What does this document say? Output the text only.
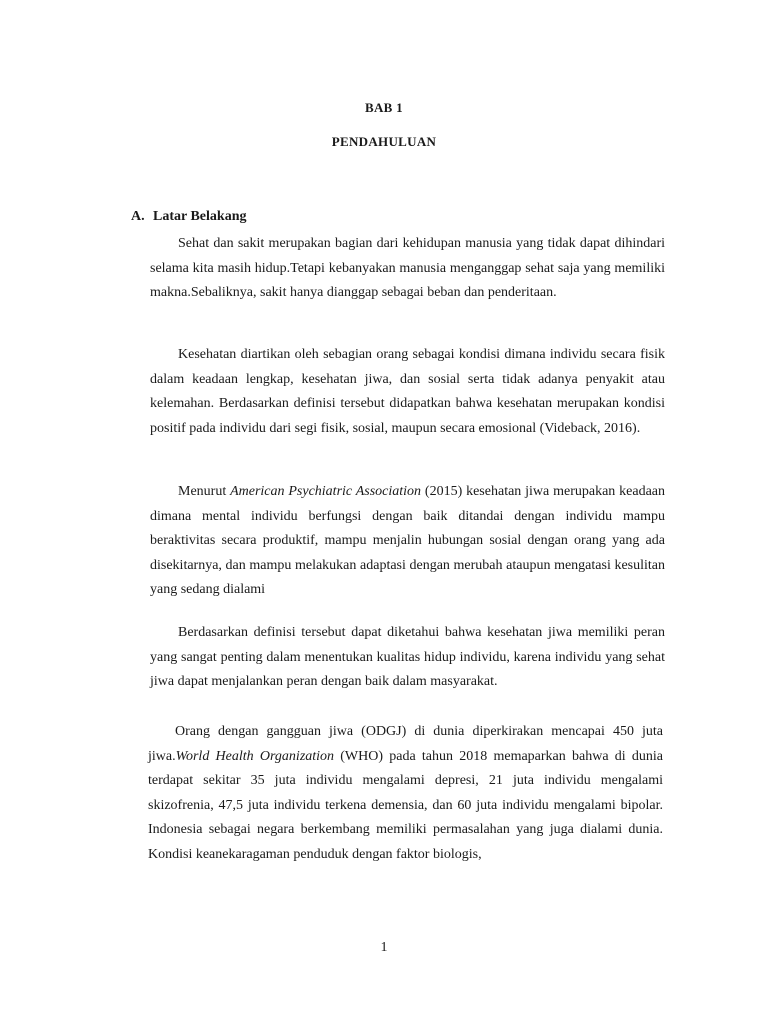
BAB 1
PENDAHULUAN
A. Latar Belakang

Sehat dan sakit merupakan bagian dari kehidupan manusia yang tidak dapat dihindari selama kita masih hidup.Tetapi kebanyakan manusia menganggap sehat saja yang memiliki makna.Sebaliknya, sakit hanya dianggap sebagai beban dan penderitaan.

Kesehatan diartikan oleh sebagian orang sebagai kondisi dimana individu secara fisik dalam keadaan lengkap, kesehatan jiwa, dan sosial serta tidak adanya penyakit atau kelemahan. Berdasarkan definisi tersebut didapatkan bahwa kesehatan merupakan kondisi positif pada individu dari segi fisik, sosial, maupun secara emosional (Videback, 2016).

Menurut American Psychiatric Association (2015) kesehatan jiwa merupakan keadaan dimana mental individu berfungsi dengan baik ditandai dengan individu mampu beraktivitas secara produktif, mampu menjalin hubungan sosial dengan orang yang ada disekitarnya, dan mampu melakukan adaptasi dengan merubah ataupun mengatasi kesulitan yang sedang dialami

Berdasarkan definisi tersebut dapat diketahui bahwa kesehatan jiwa memiliki peran yang sangat penting dalam menentukan kualitas hidup individu, karena individu yang sehat jiwa dapat menjalankan peran dengan baik dalam masyarakat.

Orang dengan gangguan jiwa (ODGJ) di dunia diperkirakan mencapai 450 juta jiwa.World Health Organization (WHO) pada tahun 2018 memaparkan bahwa di dunia terdapat sekitar 35 juta individu mengalami depresi, 21 juta individu mengalami skizofrenia, 47,5 juta individu terkena demensia, dan 60 juta individu mengalami bipolar. Indonesia sebagai negara berkembang memiliki permasalahan yang juga dialami dunia. Kondisi keanekaragaman penduduk dengan faktor biologis,

1
